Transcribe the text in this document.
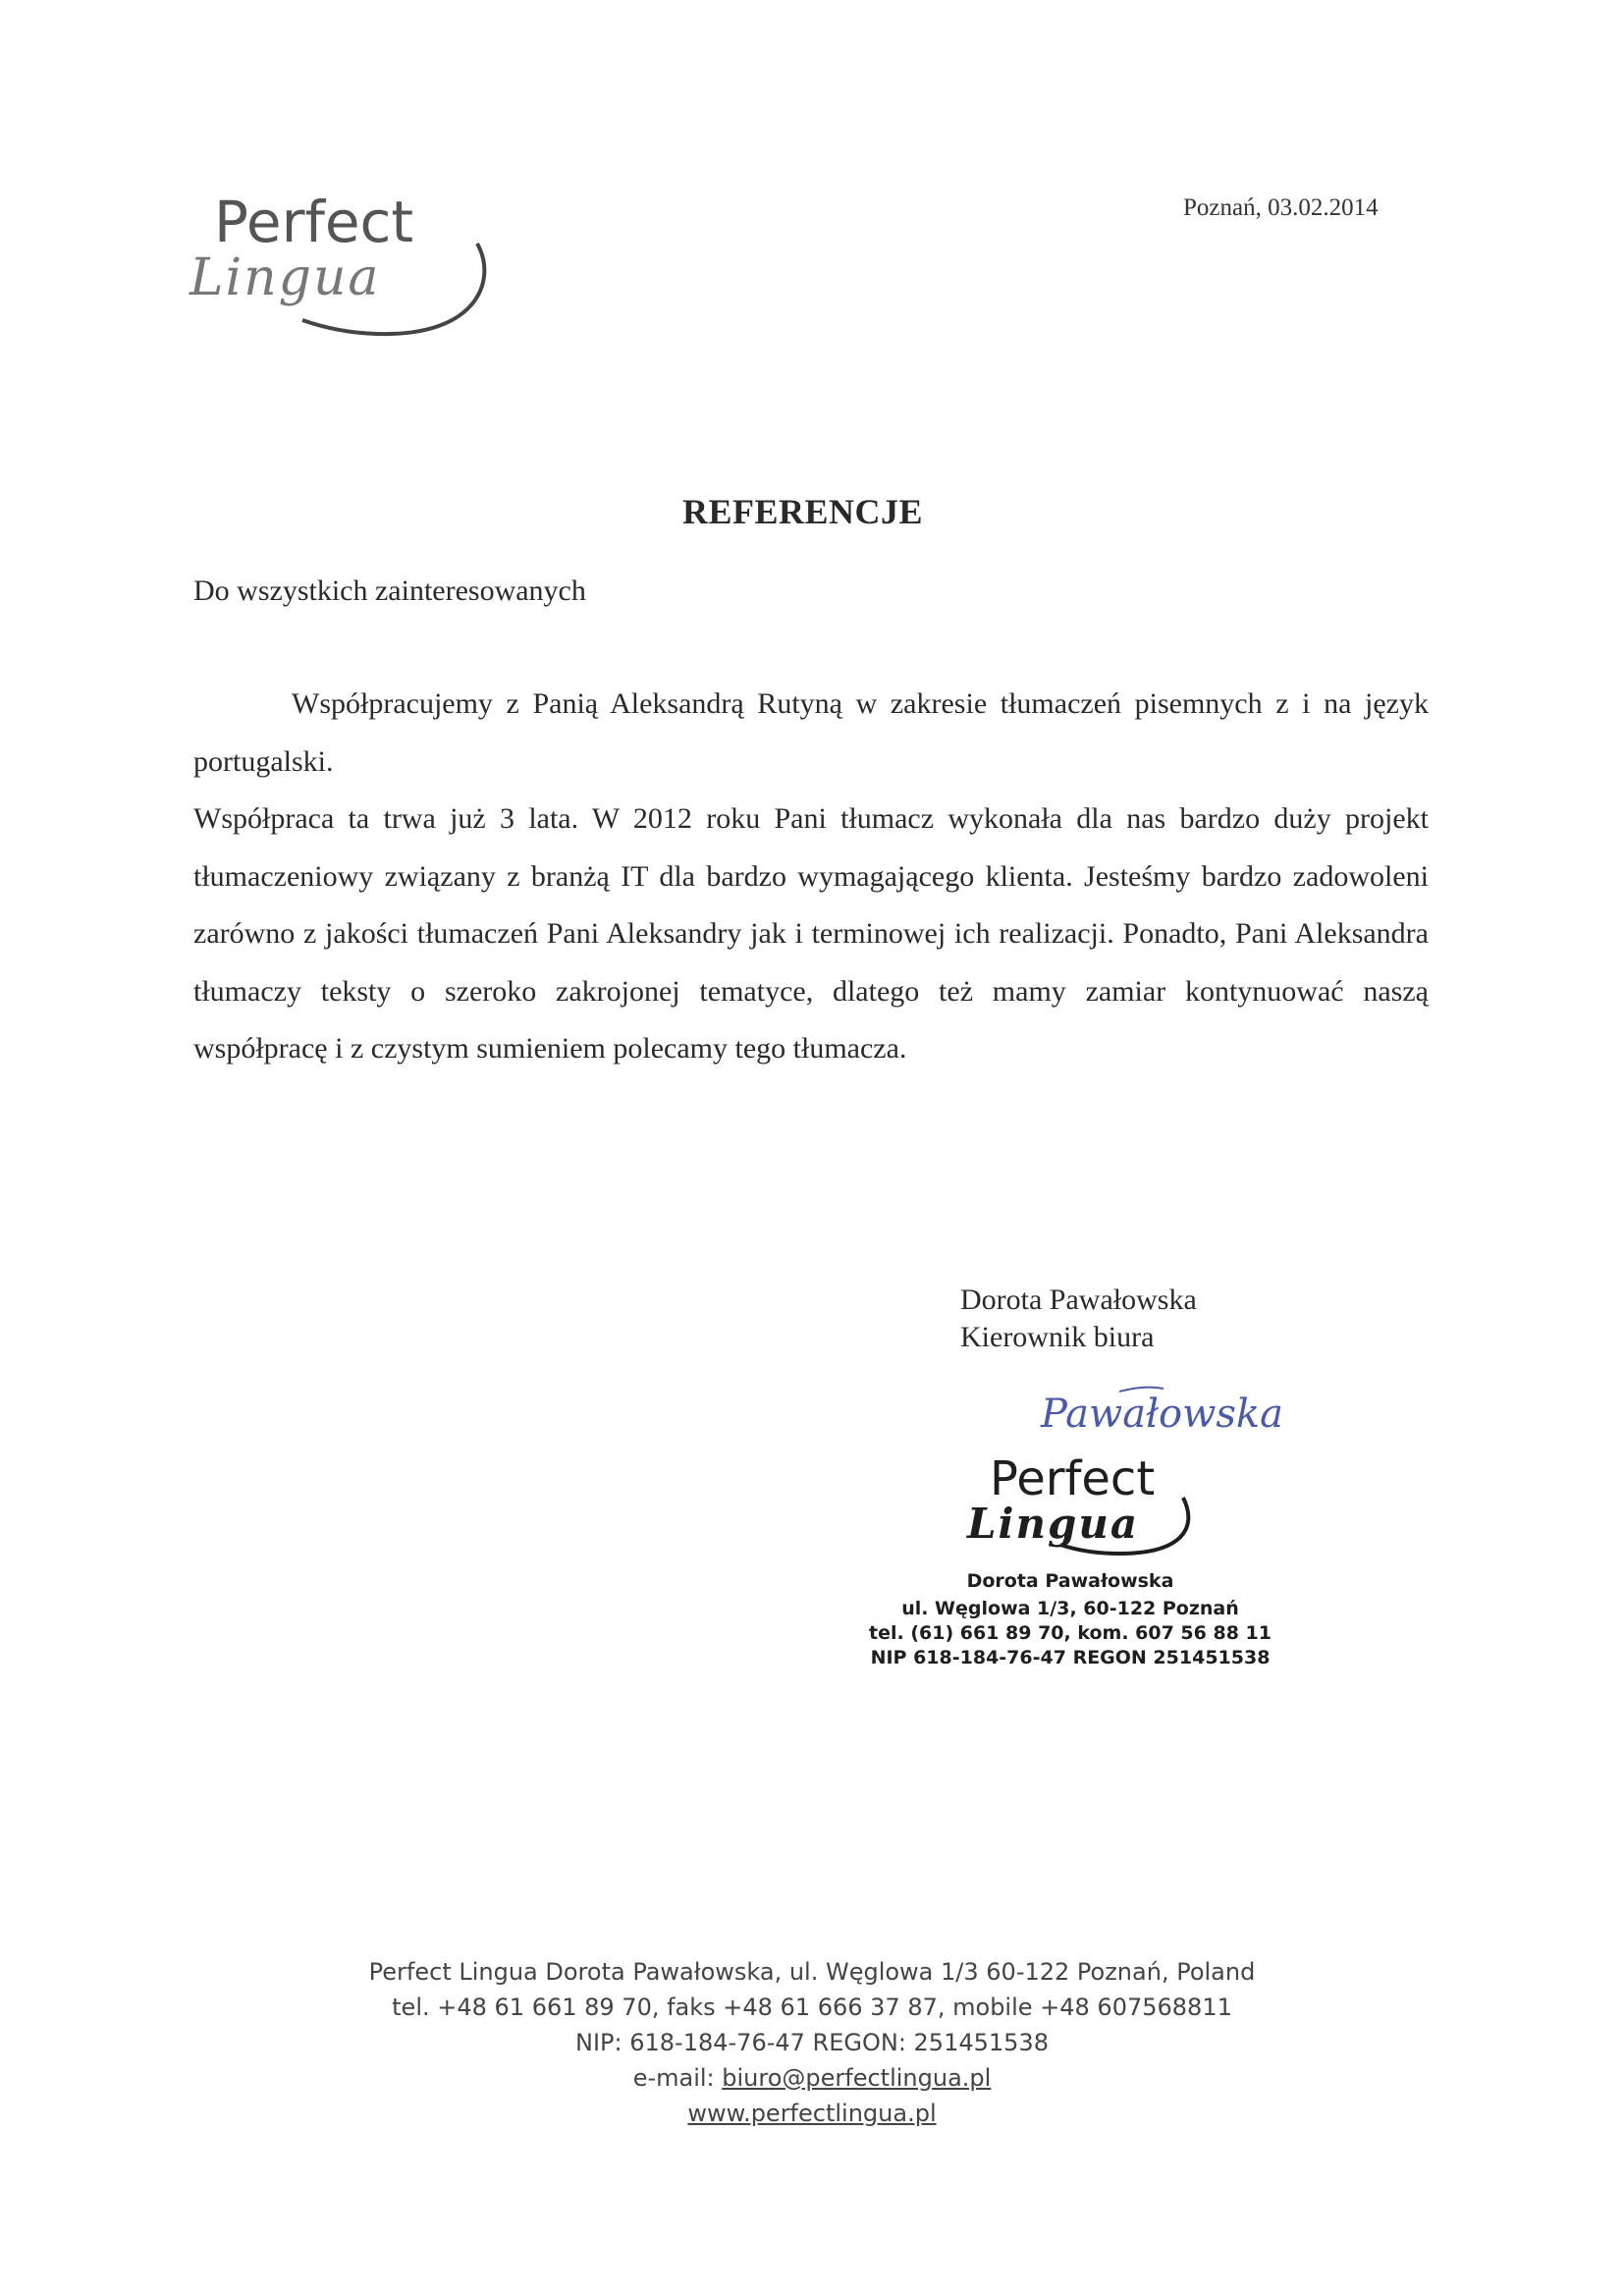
Perfect
Lingua
Poznań, 03.02.2014
REFERENCJE
Do wszystkich zainteresowanych

Współpracujemy z Panią Aleksandrą Rutyną w zakresie tłumaczeń pisemnych z i na język portugalski.

Współpraca ta trwa już 3 lata. W 2012 roku Pani tłumacz wykonała dla nas bardzo duży projekt tłumaczeniowy związany z branżą IT dla bardzo wymagającego klienta. Jesteśmy bardzo zadowoleni zarówno z jakości tłumaczeń Pani Aleksandry jak i terminowej ich realizacji. Ponadto, Pani Aleksandra tłumaczy teksty o szeroko zakrojonej tematyce, dlatego też mamy zamiar kontynuować naszą współpracę i z czystym sumieniem polecamy tego tłumacza.

Dorota Pawałowska
Kierownik biura
Pawałowska
Perfect
Lingua
Dorota Pawałowska
ul. Węglowa 1/3, 60-122 Poznań
tel. (61) 661 89 70, kom. 607 56 88 11
NIP 618-184-76-47 REGON 251451538
Perfect Lingua Dorota Pawałowska, ul. Węglowa 1/3 60-122 Poznań, Poland
tel. +48 61 661 89 70, faks +48 61 666 37 87, mobile +48 607568811
NIP: 618-184-76-47 REGON: 251451538
e-mail: biuro@perfectlingua.pl
www.perfectlingua.pl
